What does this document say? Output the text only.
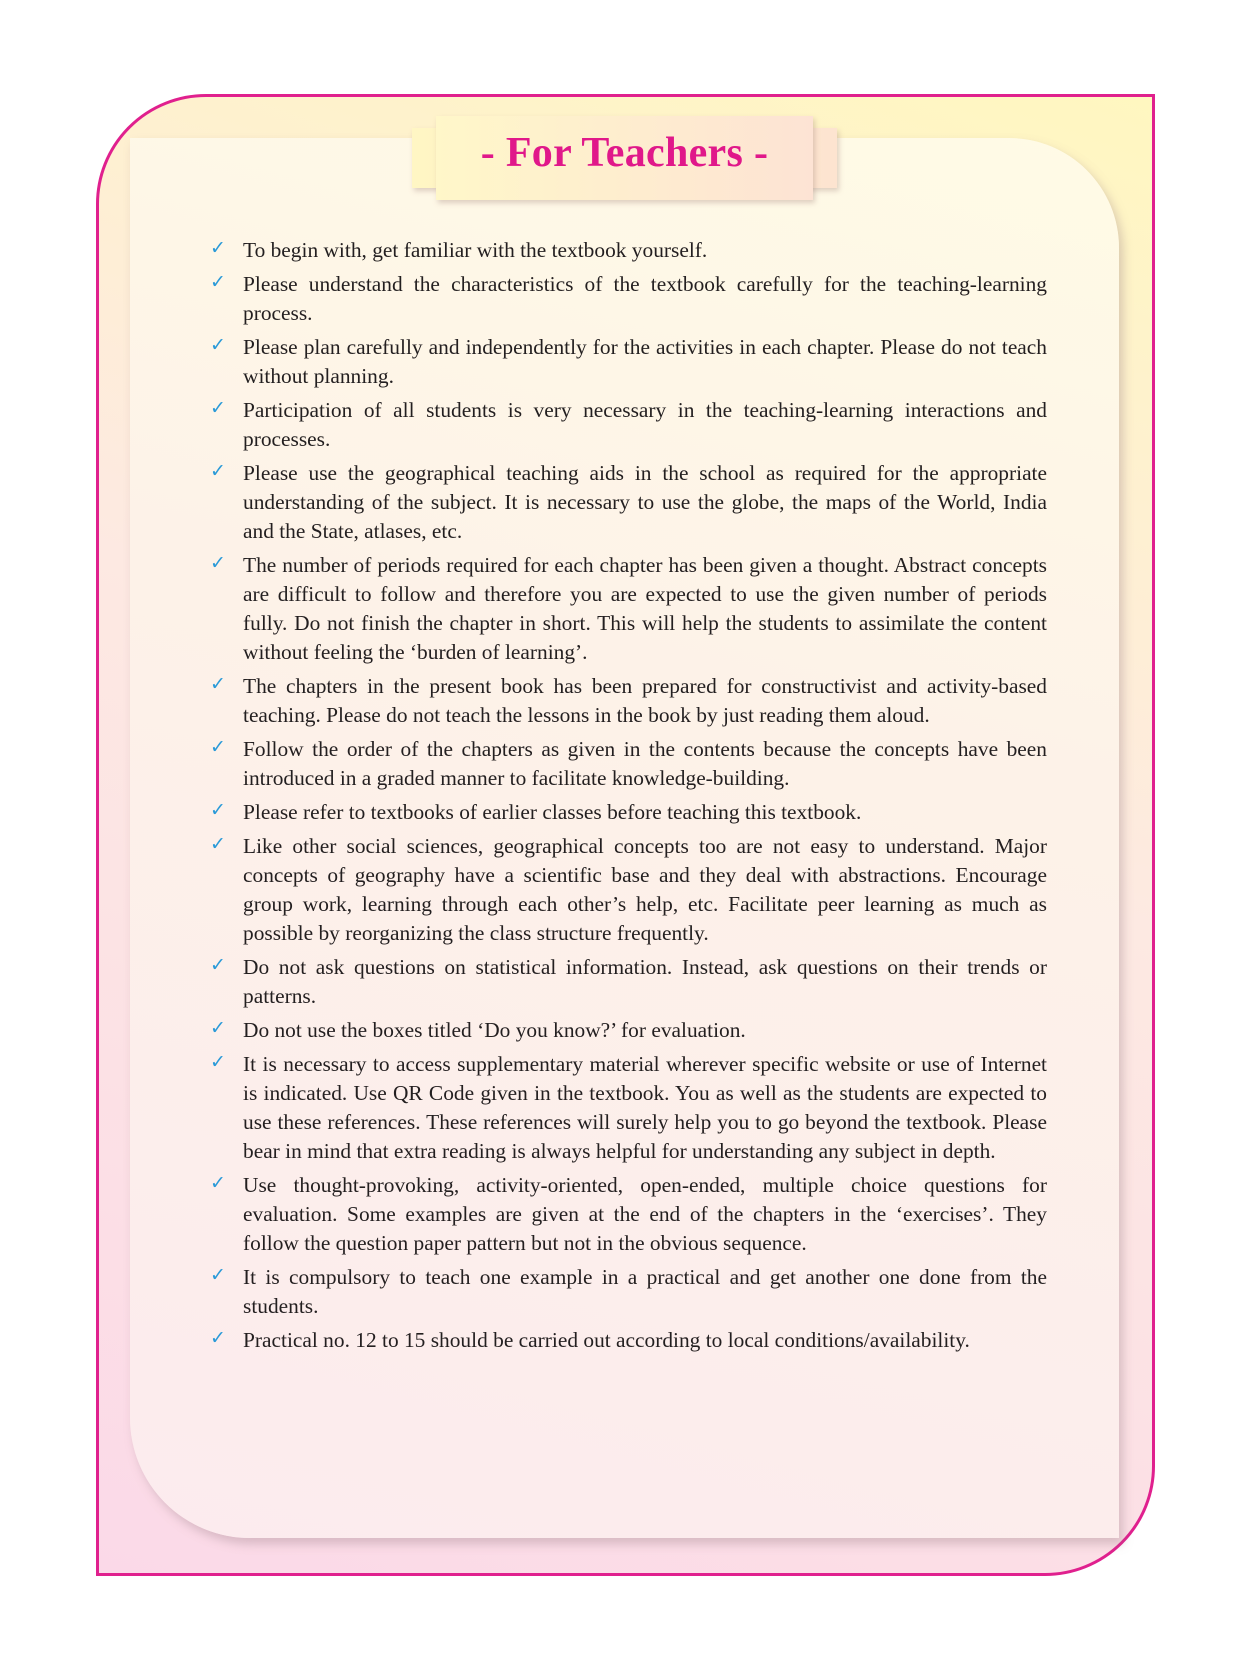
- For Teachers -
✓ To begin with, get familiar with the textbook yourself.
✓ Please understand the characteristics of the textbook carefully for the teaching-learning process.
✓ Please plan carefully and independently for the activities in each chapter. Please do not teach without planning.
✓ Participation of all students is very necessary in the teaching-learning interactions and processes.
✓ Please use the geographical teaching aids in the school as required for the appropriate understanding of the subject. It is necessary to use the globe, the maps of the World, India and the State, atlases, etc.
✓ The number of periods required for each chapter has been given a thought. Abstract concepts are difficult to follow and therefore you are expected to use the given number of periods fully. Do not finish the chapter in short. This will help the students to assimilate the content without feeling the ‘burden of learning’.
✓ The chapters in the present book has been prepared for constructivist and activity-based teaching. Please do not teach the lessons in the book by just reading them aloud.
✓ Follow the order of the chapters as given in the contents because the concepts have been introduced in a graded manner to facilitate knowledge-building.
✓ Please refer to textbooks of earlier classes before teaching this textbook.
✓ Like other social sciences, geographical concepts too are not easy to understand. Major concepts of geography have a scientific base and they deal with abstractions. Encourage group work, learning through each other’s help, etc. Facilitate peer learning as much as possible by reorganizing the class structure frequently.
✓ Do not ask questions on statistical information. Instead, ask questions on their trends or patterns.
✓ Do not use the boxes titled ‘Do you know?’ for evaluation.
✓ It is necessary to access supplementary material wherever specific website or use of Internet is indicated. Use QR Code given in the textbook. You as well as the students are expected to use these references. These references will surely help you to go beyond the textbook. Please bear in mind that extra reading is always helpful for understanding any subject in depth.
✓ Use thought-provoking, activity-oriented, open-ended, multiple choice questions for evaluation. Some examples are given at the end of the chapters in the ‘exercises’. They follow the question paper pattern but not in the obvious sequence.
✓ It is compulsory to teach one example in a practical and get another one done from the students.
✓ Practical no. 12 to 15 should be carried out according to local conditions/availability.
